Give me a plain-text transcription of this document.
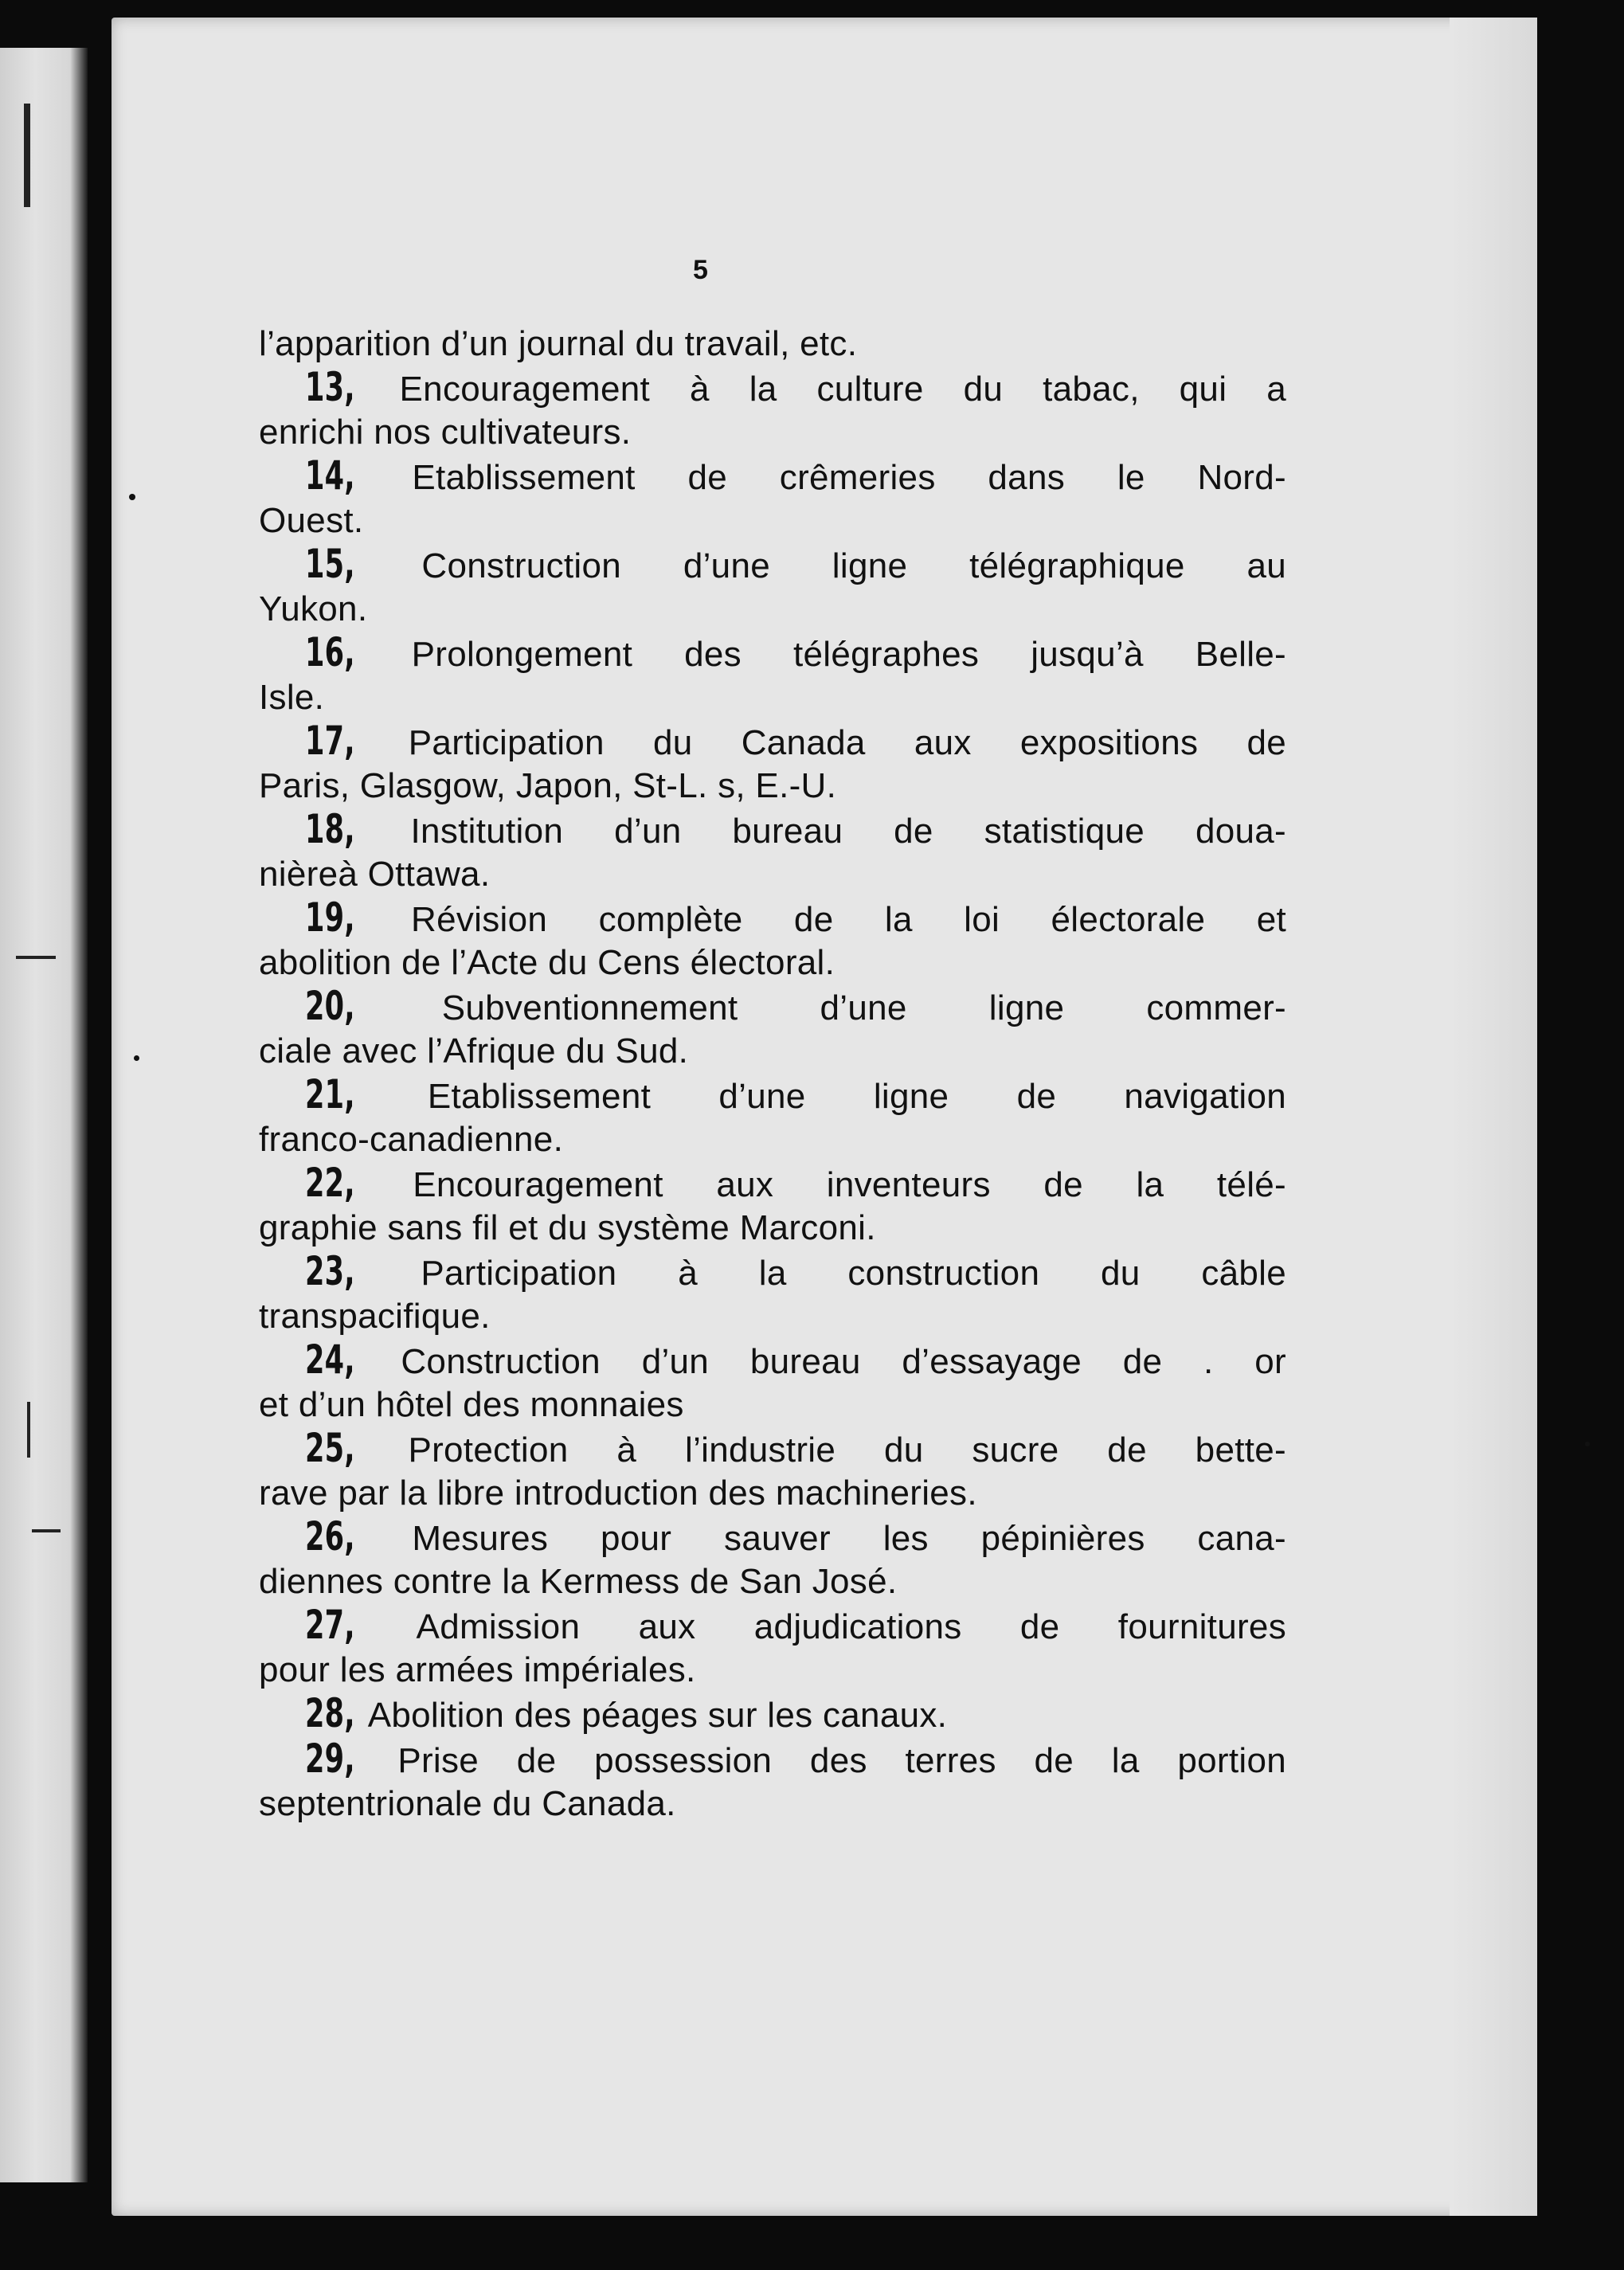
5
l’apparition d’un journal du travail, etc.
13, Encouragement à la culture du tabac, qui a
enrichi nos cultivateurs.
14, Etablissement de crêmeries dans le Nord-
Ouest.
15, Construction d’une ligne télégraphique au
Yukon.
16, Prolongement des télégraphes jusqu’à Belle-
Isle.
17, Participation du Canada aux expositions de
Paris, Glasgow, Japon, St-L. s, E.-U.
18, Institution d’un bureau de statistique doua-
nièreà Ottawa.
19, Révision complète de la loi électorale et
abolition de l’Acte du Cens électoral.
20, Subventionnement d’une ligne commer-
ciale avec l’Afrique du Sud.
21, Etablissement d’une ligne de navigation
franco-canadienne.
22, Encouragement aux inventeurs de la télé-
graphie sans fil et du système Marconi.
23, Participation à la construction du câble
transpacifique.
24, Construction d’un bureau d’essayage de . or
et d’un hôtel des monnaies
25, Protection à l’industrie du sucre de bette-
rave par la libre introduction des machineries.
26, Mesures pour sauver les pépinières cana-
diennes contre la Kermess de San José.
27, Admission aux adjudications de fournitures
pour les armées impériales.
28, Abolition des péages sur les canaux.
29, Prise de possession des terres de la portion
septentrionale du Canada.
